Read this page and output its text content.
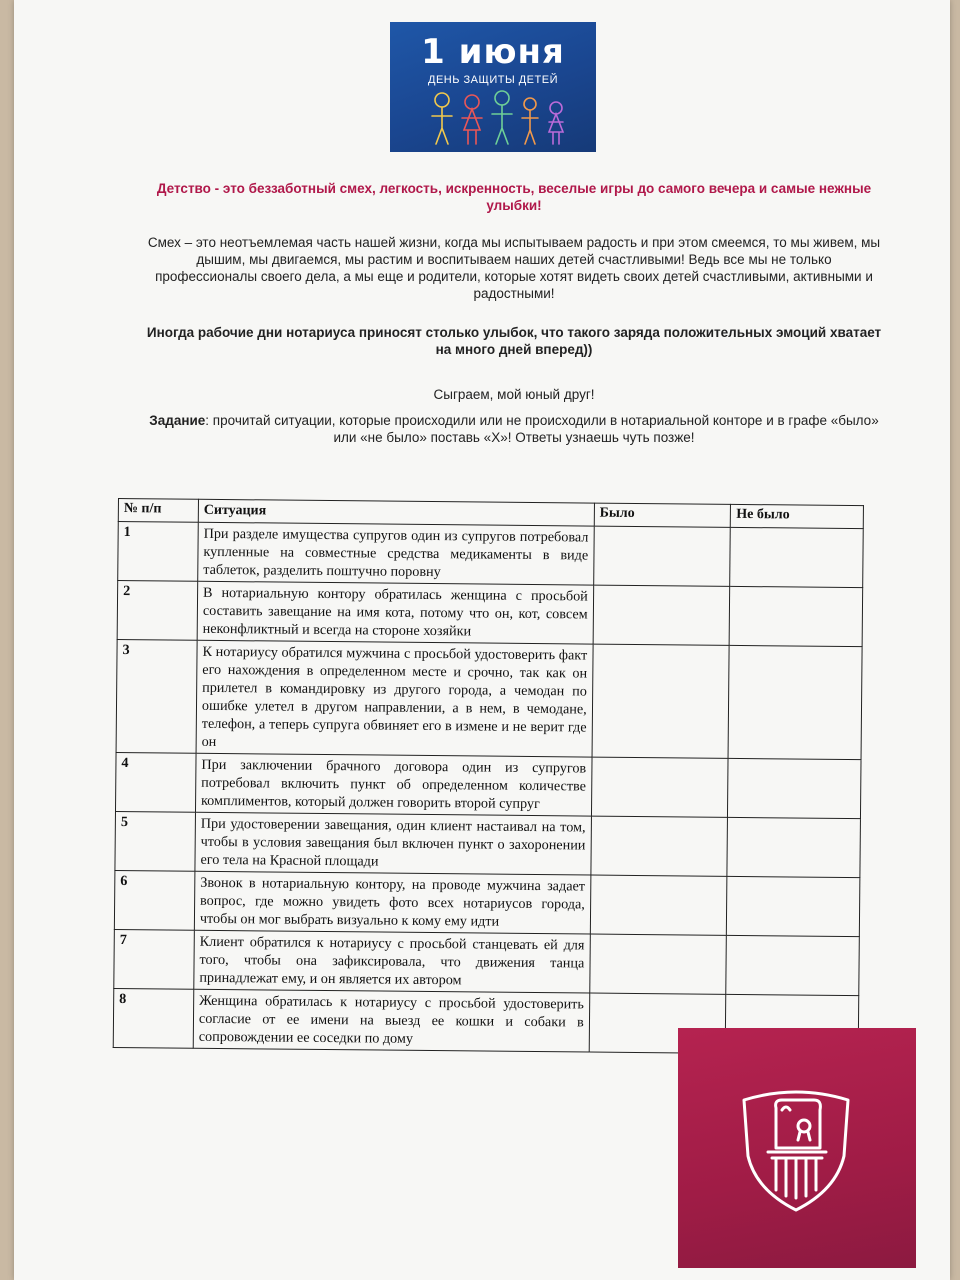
1 июня
ДЕНЬ ЗАЩИТЫ ДЕТЕЙ
Детство - это беззаботный смех, легкость, искренность, веселые игры до самого вечера и самые нежные улыбки!
Смех – это неотъемлемая часть нашей жизни, когда мы испытываем радость и при этом смеемся, то мы живем, мы дышим, мы двигаемся, мы растим и воспитываем наших детей счастливыми! Ведь все мы не только профессионалы своего дела, а мы еще и родители, которые хотят видеть своих детей счастливыми, активными и радостными!
Иногда рабочие дни нотариуса приносят столько улыбок, что такого заряда положительных эмоций хватает на много дней вперед))
Сыграем, мой юный друг!
Задание: прочитай ситуации, которые происходили или не происходили в нотариальной конторе и в графе «было» или «не было» поставь «Х»! Ответы узнаешь чуть позже!
№ п/п	Ситуация	Было	Не было
1	При разделе имущества супругов один из супругов потребовал купленные на совместные средства медикаменты в виде таблеток, разделить поштучно поровну		
2	В нотариальную контору обратилась женщина с просьбой составить завещание на имя кота, потому что он, кот, совсем неконфликтный и всегда на стороне хозяйки		
3	К нотариусу обратился мужчина с просьбой удостоверить факт его нахождения в определенном месте и срочно, так как он прилетел в командировку из другого города, а чемодан по ошибке улетел в другом направлении, а в нем, в чемодане, телефон, а теперь супруга обвиняет его в измене и не верит где он		
4	При заключении брачного договора один из супругов потребовал включить пункт об определенном количестве комплиментов, который должен говорить второй супруг		
5	При удостоверении завещания, один клиент настаивал на том, чтобы в условия завещания был включен пункт о захоронении его тела на Красной площади		
6	Звонок в нотариальную контору, на проводе мужчина задает вопрос, где можно увидеть фото всех нотариусов города, чтобы он мог выбрать визуально к кому ему идти		
7	Клиент обратился к нотариусу с просьбой станцевать ей для того, чтобы она зафиксировала, что движения танца принадлежат ему, и он является их автором		
8	Женщина обратилась к нотариусу с просьбой удостоверить согласие от ее имени на выезд ее кошки и собаки в сопровождении ее соседки по дому		
